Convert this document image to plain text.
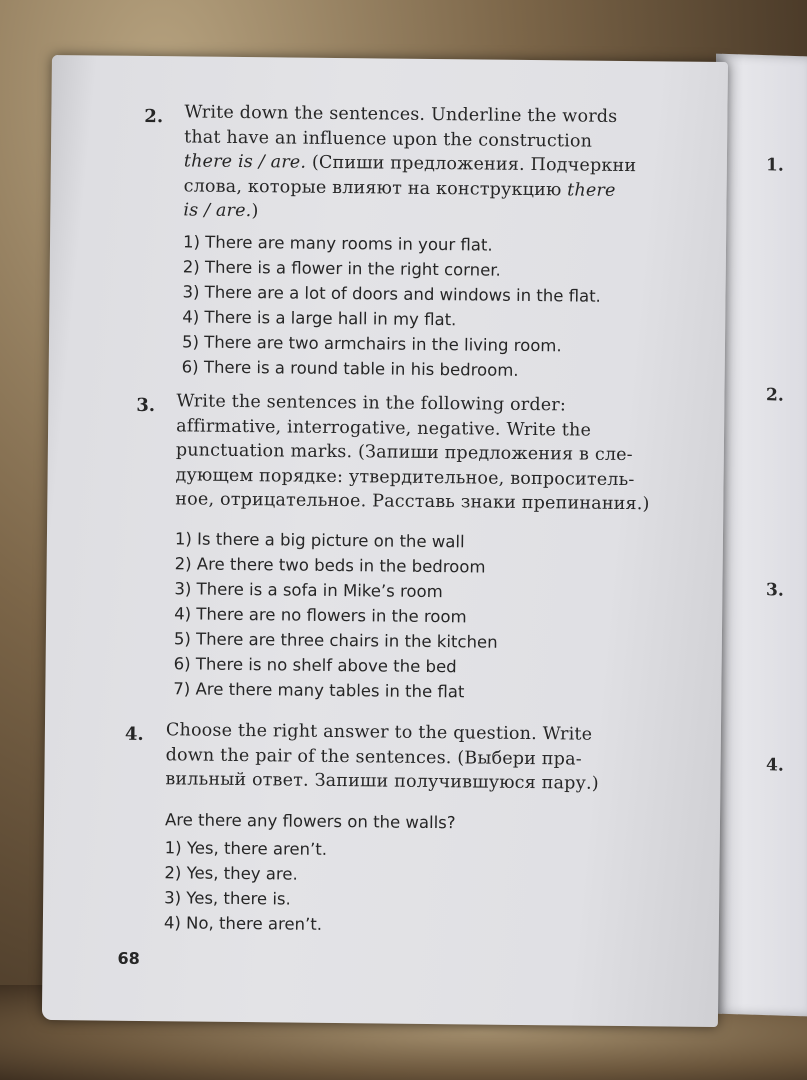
1.
2.
3.
4.
2. Write down the sentences. Underline the words
that have an influence upon the construction
there is / are. (Спиши предложения. Подчеркни
слова, которые влияют на конструкцию there
is / are.)
1) There are many rooms in your flat.
2) There is a flower in the right corner.
3) There are a lot of doors and windows in the flat.
4) There is a large hall in my flat.
5) There are two armchairs in the living room.
6) There is a round table in his bedroom.
3. Write the sentences in the following order:
affirmative, interrogative, negative. Write the
punctuation marks. (Запиши предложения в сле-
дующем порядке: утвердительное, вопроситель-
ное, отрицательное. Расставь знаки препинания.)
1) Is there a big picture on the wall
2) Are there two beds in the bedroom
3) There is a sofa in Mike’s room
4) There are no flowers in the room
5) There are three chairs in the kitchen
6) There is no shelf above the bed
7) Are there many tables in the flat
4. Choose the right answer to the question. Write
down the pair of the sentences. (Выбери пра-
вильный ответ. Запиши получившуюся пару.)
Are there any flowers on the walls?
1) Yes, there aren’t.
2) Yes, they are.
3) Yes, there is.
4) No, there aren’t.
68
